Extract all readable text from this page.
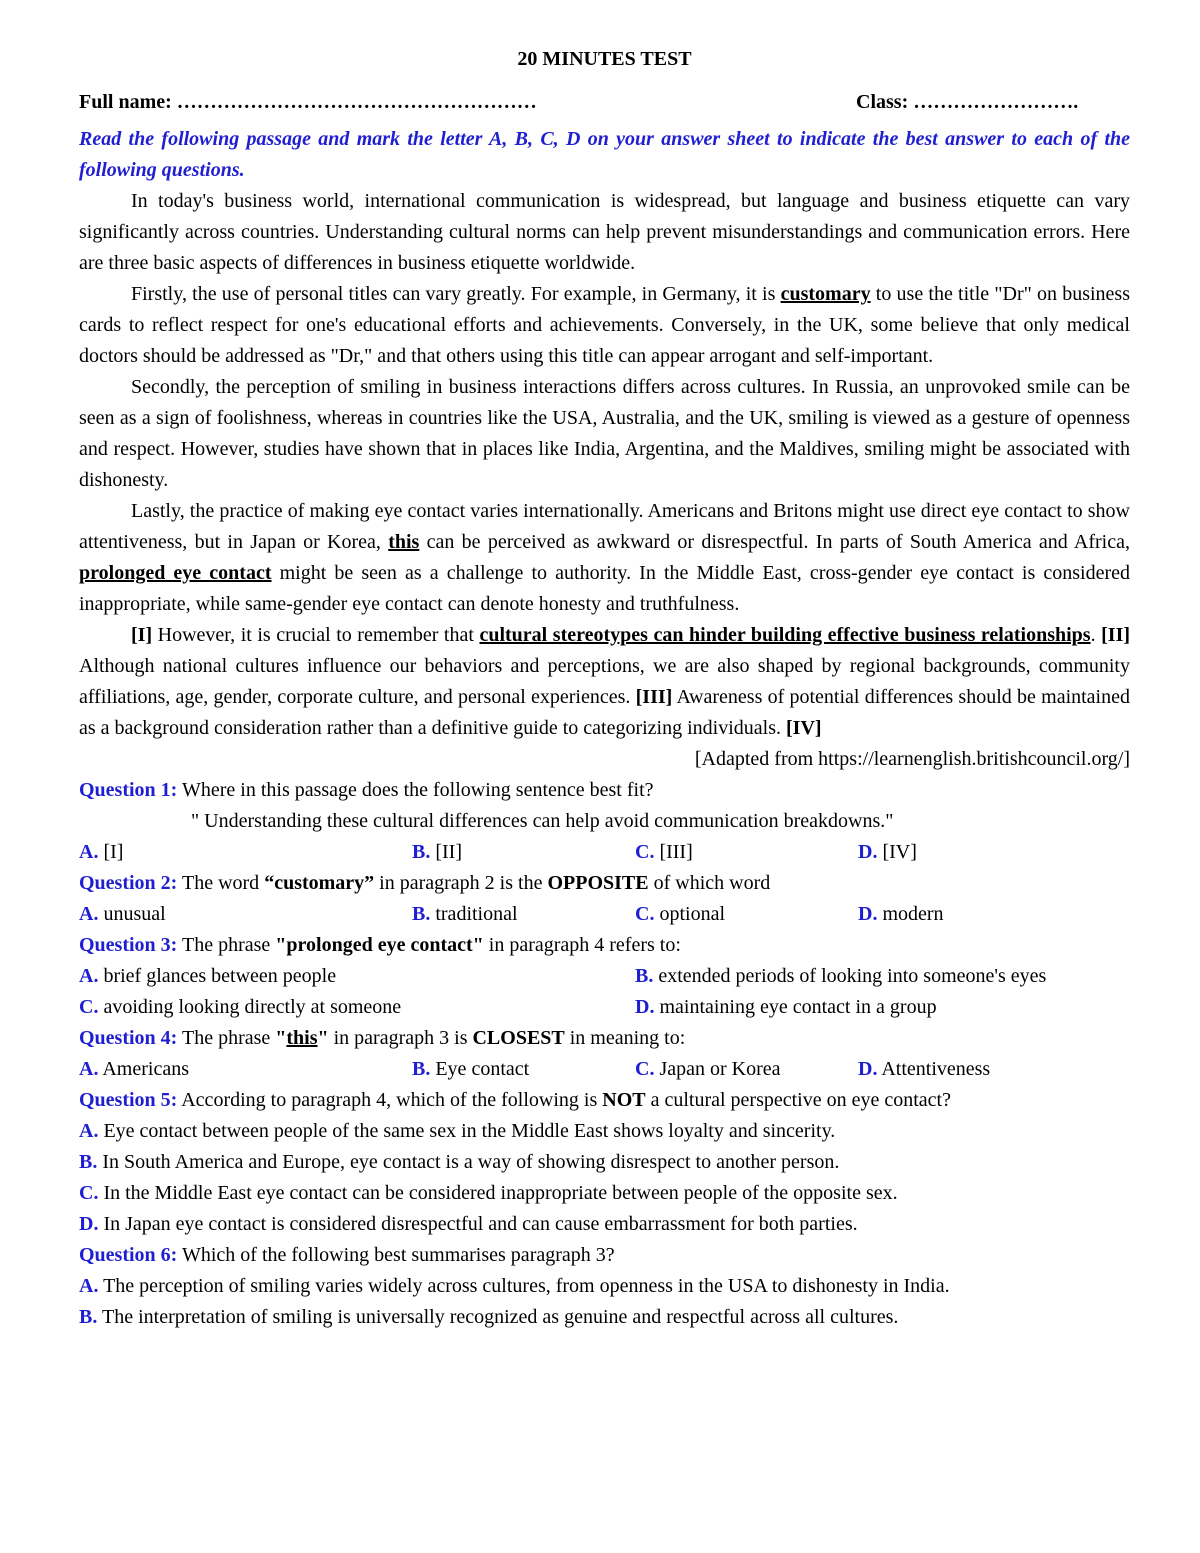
20 MINUTES TEST
Full name: ………………………………………………	Class: …………………….

Read the following passage and mark the letter A, B, C, D on your answer sheet to indicate the best answer to each of the following questions.

In today's business world, international communication is widespread, but language and business etiquette can vary significantly across countries. Understanding cultural norms can help prevent misunderstandings and communication errors. Here are three basic aspects of differences in business etiquette worldwide.

Firstly, the use of personal titles can vary greatly. For example, in Germany, it is customary to use the title "Dr" on business cards to reflect respect for one's educational efforts and achievements. Conversely, in the UK, some believe that only medical doctors should be addressed as "Dr," and that others using this title can appear arrogant and self-important.

Secondly, the perception of smiling in business interactions differs across cultures. In Russia, an unprovoked smile can be seen as a sign of foolishness, whereas in countries like the USA, Australia, and the UK, smiling is viewed as a gesture of openness and respect. However, studies have shown that in places like India, Argentina, and the Maldives, smiling might be associated with dishonesty.

Lastly, the practice of making eye contact varies internationally. Americans and Britons might use direct eye contact to show attentiveness, but in Japan or Korea, this can be perceived as awkward or disrespectful. In parts of South America and Africa, prolonged eye contact might be seen as a challenge to authority. In the Middle East, cross-gender eye contact is considered inappropriate, while same-gender eye contact can denote honesty and truthfulness.

[I] However, it is crucial to remember that cultural stereotypes can hinder building effective business relationships. [II] Although national cultures influence our behaviors and perceptions, we are also shaped by regional backgrounds, community affiliations, age, gender, corporate culture, and personal experiences. [III] Awareness of potential differences should be maintained as a background consideration rather than a definitive guide to categorizing individuals. [IV]

[Adapted from https://learnenglish.britishcouncil.org/]

Question 1: Where in this passage does the following sentence best fit?

" Understanding these cultural differences can help avoid communication breakdowns."

A. [I]	B. [II]	C. [III]	D. [IV]

Question 2: The word “customary” in paragraph 2 is the OPPOSITE of which word

A. unusual	B. traditional	C. optional	D. modern

Question 3: The phrase "prolonged eye contact" in paragraph 4 refers to:

A. brief glances between people	B. extended periods of looking into someone's eyes
C. avoiding looking directly at someone	D. maintaining eye contact in a group

Question 4: The phrase "this" in paragraph 3 is CLOSEST in meaning to:

A. Americans	B. Eye contact	C. Japan or Korea	D. Attentiveness

Question 5: According to paragraph 4, which of the following is NOT a cultural perspective on eye contact?

A. Eye contact between people of the same sex in the Middle East shows loyalty and sincerity.

B. In South America and Europe, eye contact is a way of showing disrespect to another person.

C. In the Middle East eye contact can be considered inappropriate between people of the opposite sex.

D. In Japan eye contact is considered disrespectful and can cause embarrassment for both parties.

Question 6: Which of the following best summarises paragraph 3?

A. The perception of smiling varies widely across cultures, from openness in the USA to dishonesty in India.

B. The interpretation of smiling is universally recognized as genuine and respectful across all cultures.
